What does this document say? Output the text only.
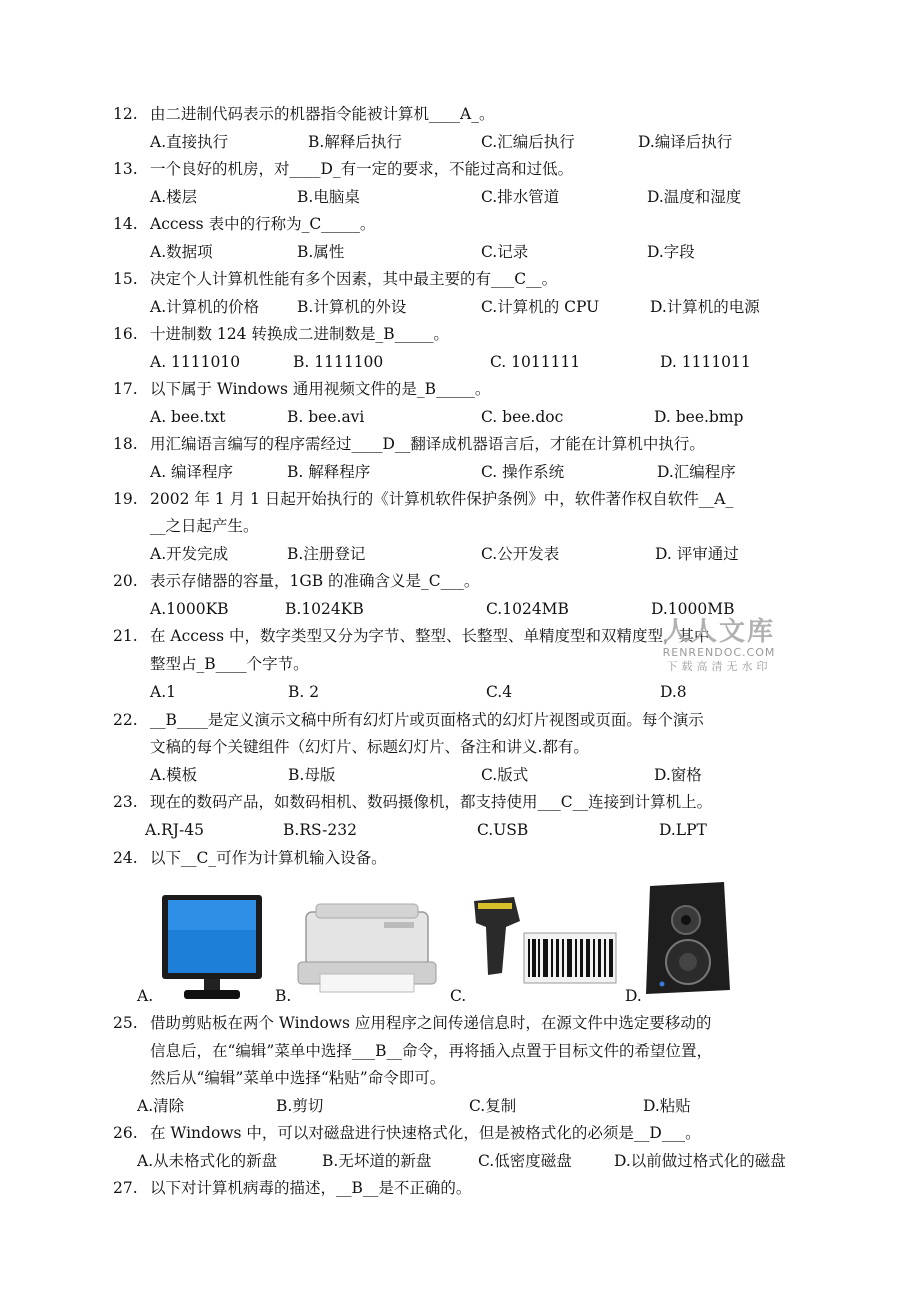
12. 由二进制代码表示的机器指令能被计算机____A_。
A.直接执行	B.解释后执行	C.汇编后执行	D.编译后执行
13. 一个良好的机房，对____D_有一定的要求，不能过高和过低。
A.楼层	B.电脑桌	C.排水管道	D.温度和湿度
14. Access 表中的行称为_C_____。
A.数据项	B.属性	C.记录	D.字段
15. 决定个人计算机性能有多个因素，其中最主要的有___C__。
A.计算机的价格 B.计算机的外设	C.计算机的 CPU	D.计算机的电源
16. 十进制数 124 转换成二进制数是_B_____。
A. 1111010	B. 1111100	C. 1011111	D. 1111011
17. 以下属于 Windows 通用视频文件的是_B_____。
A. bee.txt	B. bee.avi	C. bee.doc	D. bee.bmp
18. 用汇编语言编写的程序需经过____D__翻译成机器语言后，才能在计算机中执行。
A. 编译程序	B. 解释程序	C. 操作系统	D.汇编程序
19. 2002 年 1 月 1 日起开始执行的《计算机软件保护条例》中，软件著作权自软件__A_
__之日起产生。
A.开发完成	B.注册登记	C.公开发表	D. 评审通过
20. 表示存储器的容量，1GB 的准确含义是_C___。
A.1000KB	B.1024KB	C.1024MB	D.1000MB
21. 在 Access 中，数字类型又分为字节、整型、长整型、单精度型和双精度型，其中
整型占_B____个字节。
A.1	B. 2	C.4	D.8
人人文库
RENRENDOC.COM
下载高清无水印
22. __B____是定义演示文稿中所有幻灯片或页面格式的幻灯片视图或页面。每个演示
文稿的每个关键组件（幻灯片、标题幻灯片、备注和讲义.都有。
A.模板	B.母版	C.版式	D.窗格
23. 现在的数码产品，如数码相机、数码摄像机，都支持使用___C__连接到计算机上。
A.RJ-45	B.RS-232	C.USB	D.LPT
24. 以下__C_可作为计算机输入设备。
A.	B.	C.	D.
25. 借助剪贴板在两个 Windows 应用程序之间传递信息时，在源文件中选定要移动的
信息后，在“编辑”菜单中选择___B__命令，再将插入点置于目标文件的希望位置，
然后从“编辑”菜单中选择“粘贴”命令即可。
A.清除	B.剪切	C.复制	D.粘贴
26. 在 Windows 中，可以对磁盘进行快速格式化，但是被格式化的必须是__D___。
A.从未格式化的新盘	B.无坏道的新盘	C.低密度磁盘	D.以前做过格式化的磁盘
27. 以下对计算机病毒的描述，__B__是不正确的。
